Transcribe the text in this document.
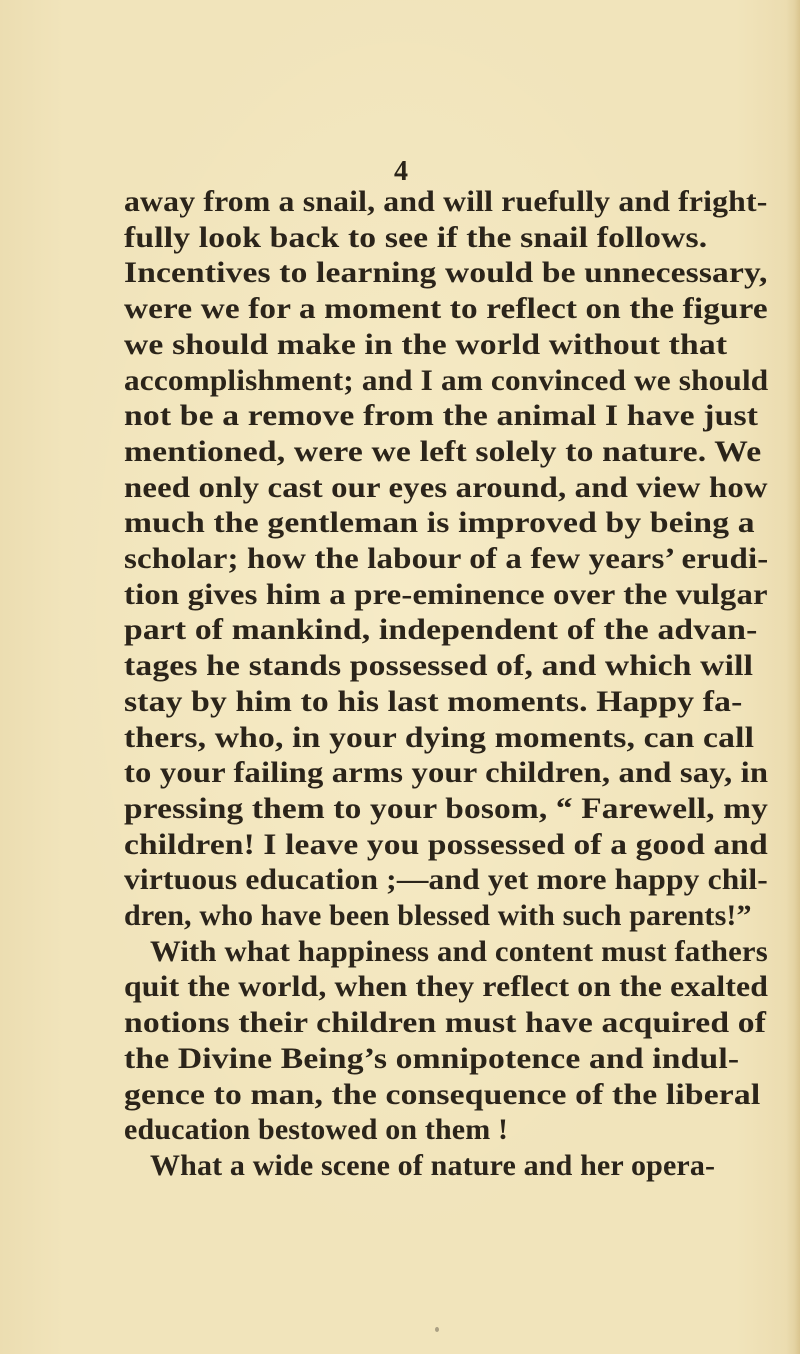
4
away from a snail, and will ruefully and fright-
fully look back to see if the snail follows.
Incentives to learning would be unnecessary,
were we for a moment to reflect on the figure
we should make in the world without that
accomplishment; and I am convinced we should
not be a remove from the animal I have just
mentioned, were we left solely to nature. We
need only cast our eyes around, and view how
much the gentleman is improved by being a
scholar; how the labour of a few years’ erudi-
tion gives him a pre-eminence over the vulgar
part of mankind, independent of the advan-
tages he stands possessed of, and which will
stay by him to his last moments. Happy fa-
thers, who, in your dying moments, can call
to your failing arms your children, and say, in
pressing them to your bosom, “ Farewell, my
children! I leave you possessed of a good and
virtuous education ;—and yet more happy chil-
dren, who have been blessed with such parents!”
With what happiness and content must fathers
quit the world, when they reflect on the exalted
notions their children must have acquired of
the Divine Being’s omnipotence and indul-
gence to man, the consequence of the liberal
education bestowed on them !
What a wide scene of nature and her opera-
